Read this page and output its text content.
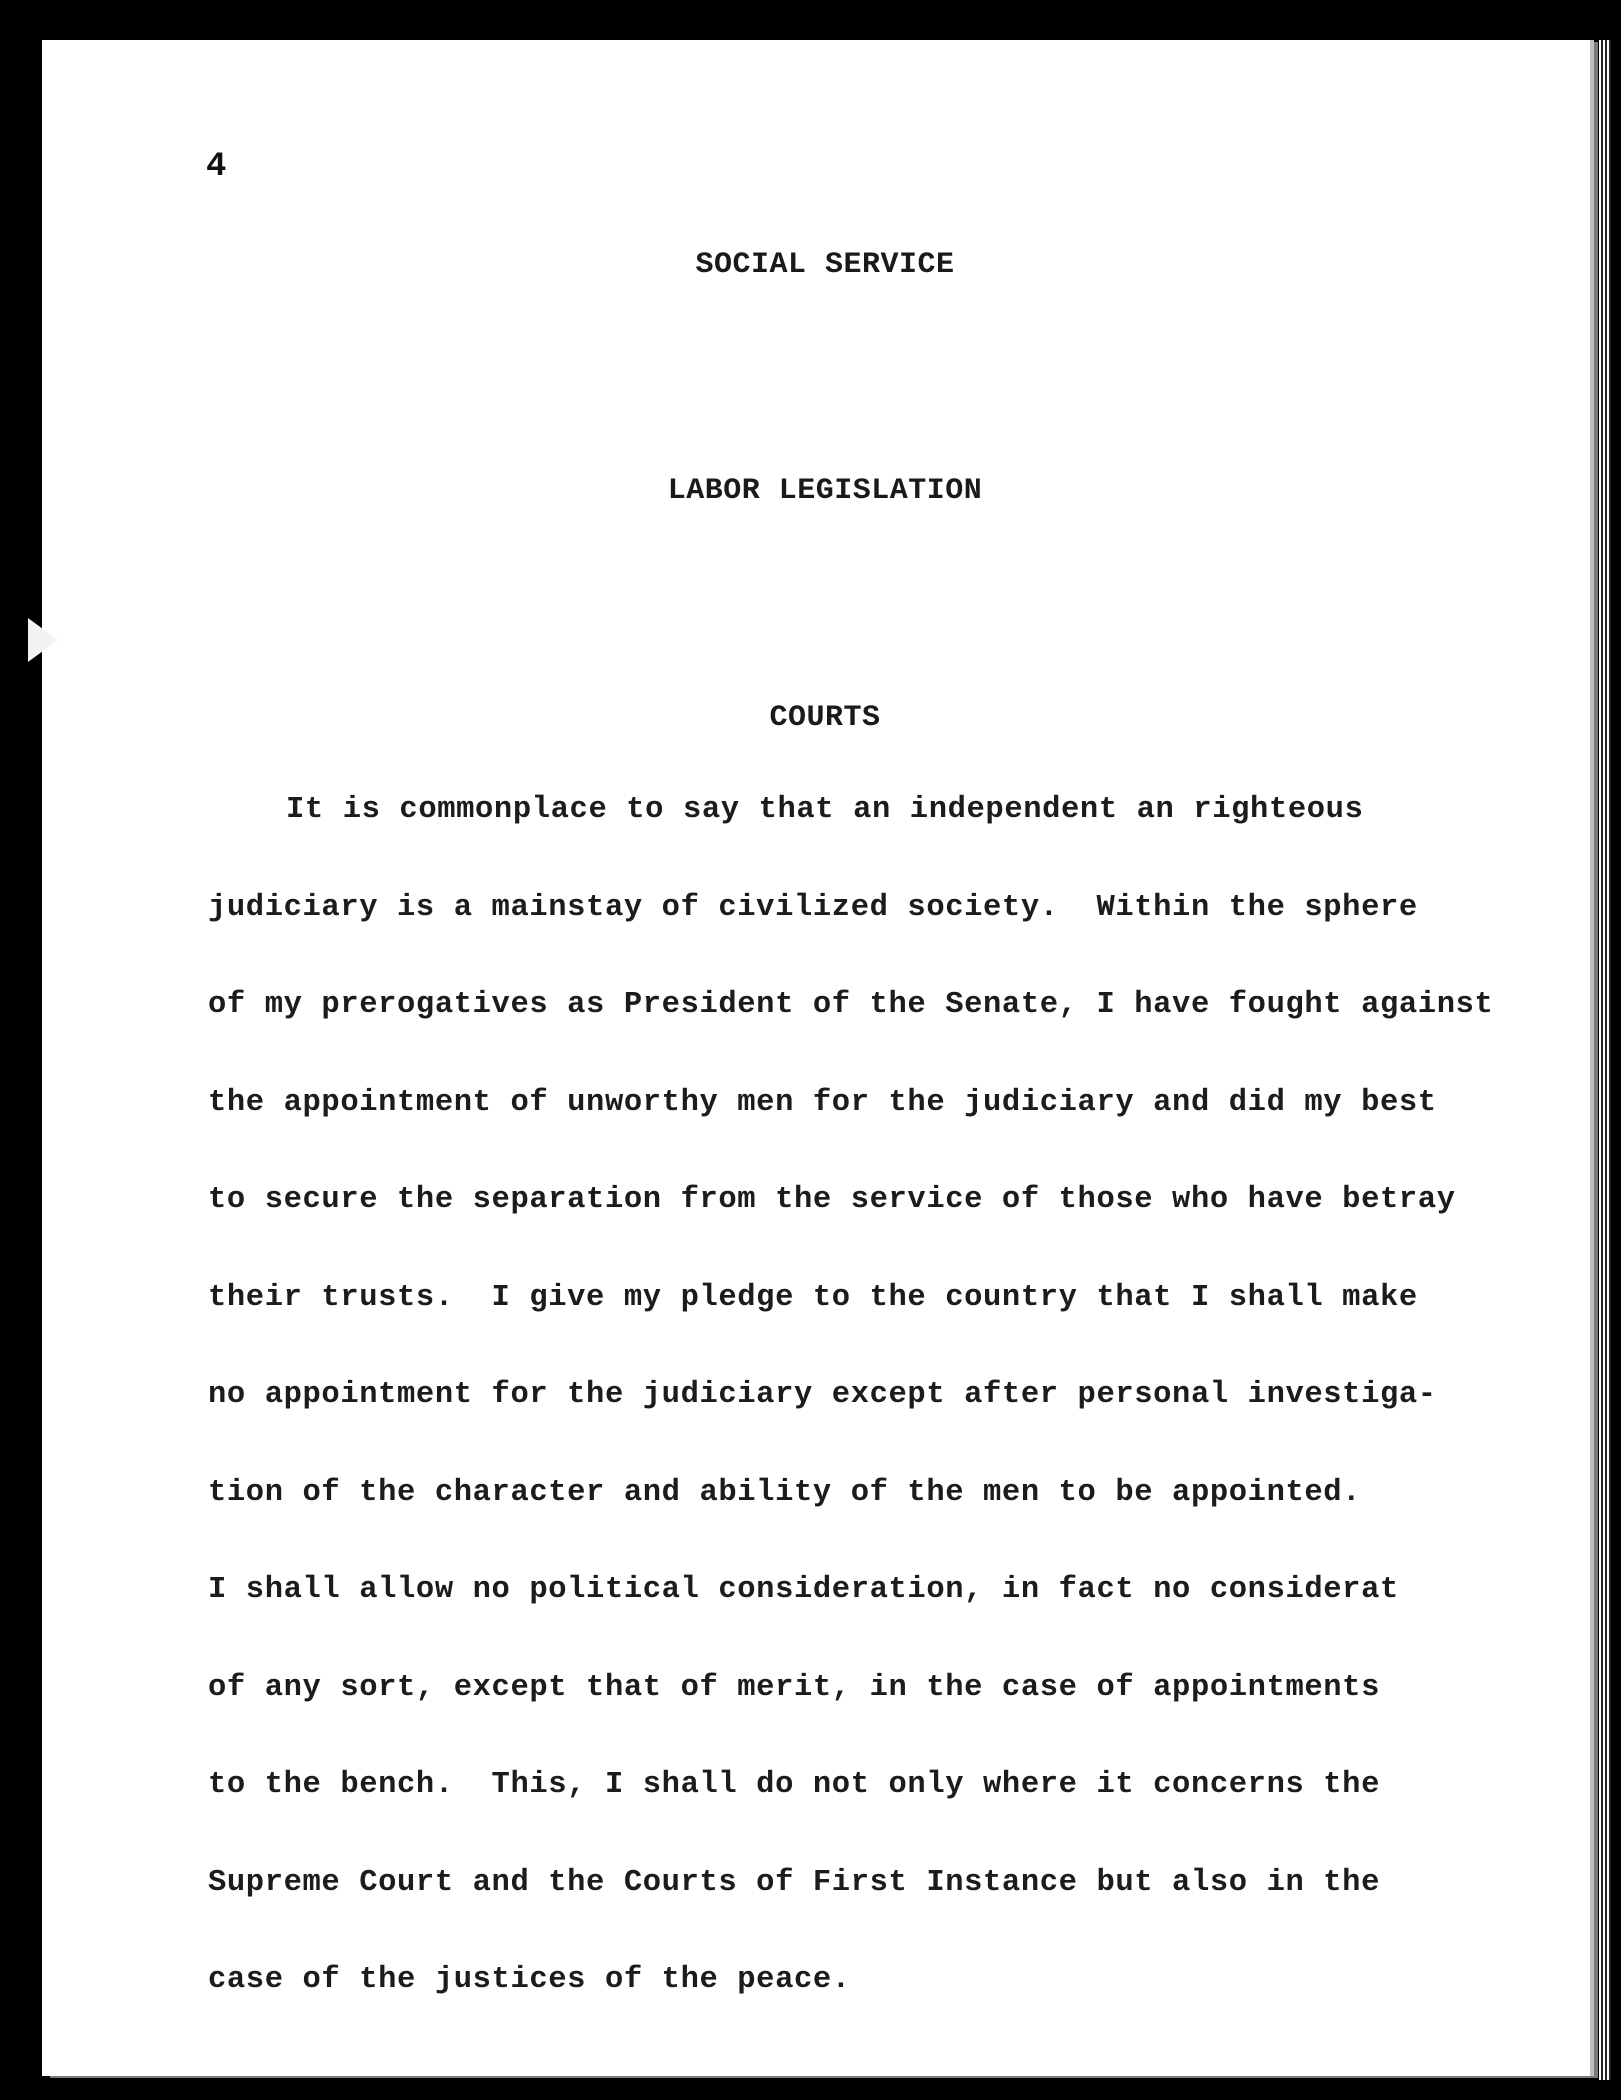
4
SOCIAL SERVICE
LABOR LEGISLATION
COURTS
It is commonplace to say that an independent an righteous
judiciary is a mainstay of civilized society.  Within the sphere
of my prerogatives as President of the Senate, I have fought against
the appointment of unworthy men for the judiciary and did my best
to secure the separation from the service of those who have betray
their trusts.  I give my pledge to the country that I shall make
no appointment for the judiciary except after personal investiga-
tion of the character and ability of the men to be appointed.
I shall allow no political consideration, in fact no considerat
of any sort, except that of merit, in the case of appointments
to the bench.  This, I shall do not only where it concerns the
Supreme Court and the Courts of First Instance but also in the
case of the justices of the peace.
